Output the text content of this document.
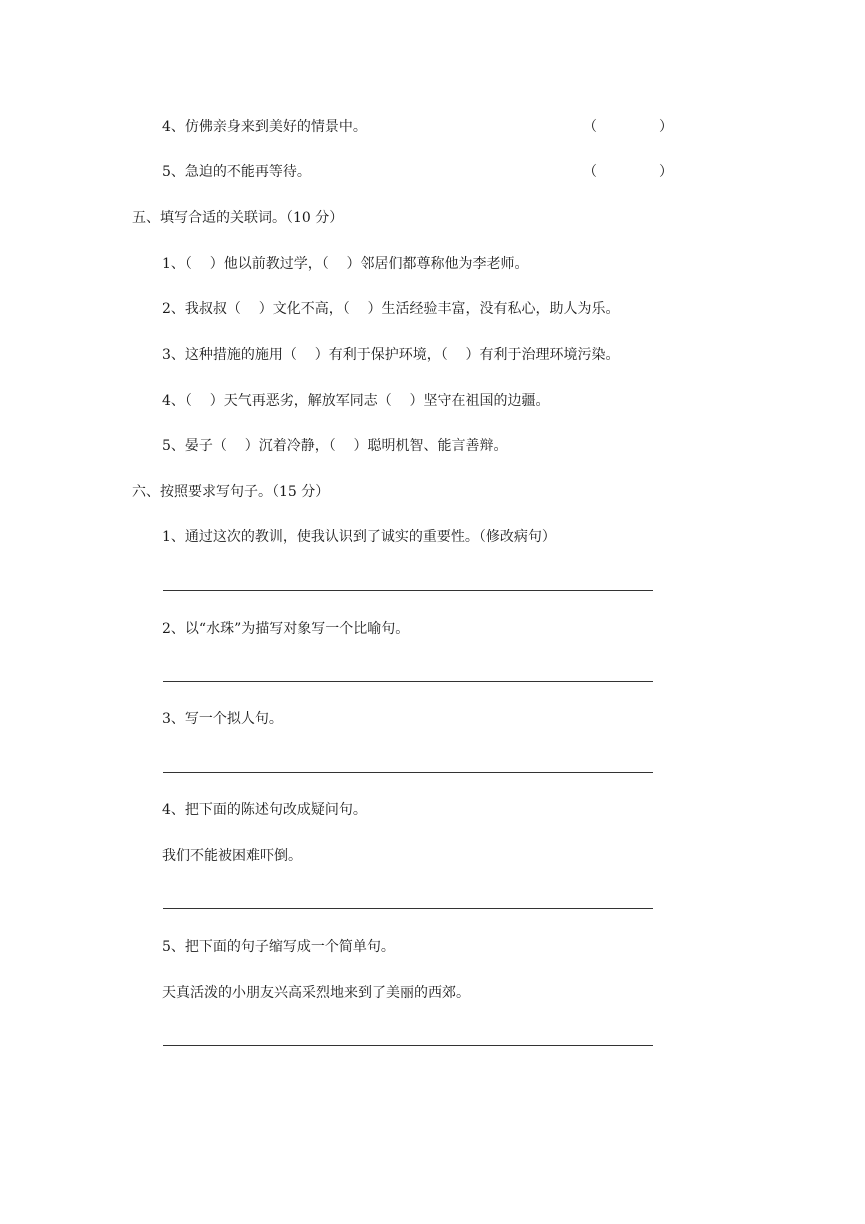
4、仿佛亲身来到美好的情景中。	（	）
5、急迫的不能再等待。	（	）
五、填写合适的关联词。（10 分）
1、（    ）他以前教过学，（    ）邻居们都尊称他为李老师。
2、我叔叔（    ）文化不高，（    ）生活经验丰富，没有私心，助人为乐。
3、这种措施的施用（    ）有利于保护环境，（    ）有利于治理环境污染。
4、（    ）天气再恶劣，解放军同志（    ）坚守在祖国的边疆。
5、晏子（    ）沉着冷静，（    ）聪明机智、能言善辩。
六、按照要求写句子。（15 分）
1、通过这次的教训，使我认识到了诚实的重要性。（修改病句）
2、以“水珠”为描写对象写一个比喻句。
3、写一个拟人句。
4、把下面的陈述句改成疑问句。
我们不能被困难吓倒。
5、把下面的句子缩写成一个简单句。
天真活泼的小朋友兴高采烈地来到了美丽的西郊。
